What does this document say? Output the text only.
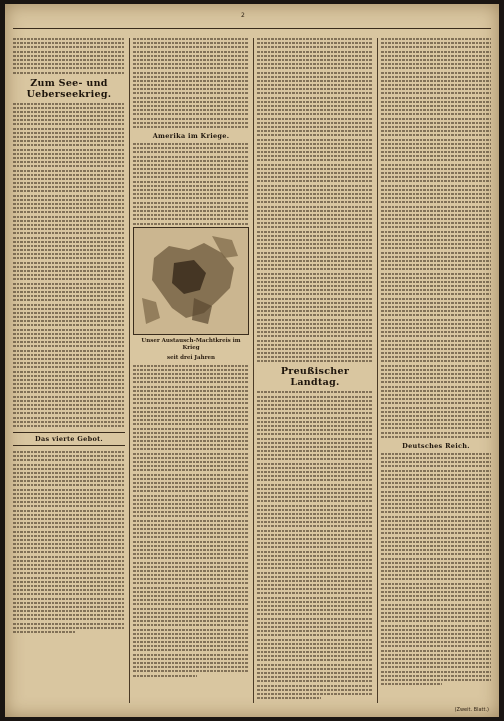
2
Zum See- und Ueberseekrieg.
Das vierte Gebot.
Amerika im Kriege.
Unser Austausch-Machtkreis im Krieg
seit drei Jahren
Preußischer Landtag.
Deutsches Reich.
(Zweit. Blatt.)
